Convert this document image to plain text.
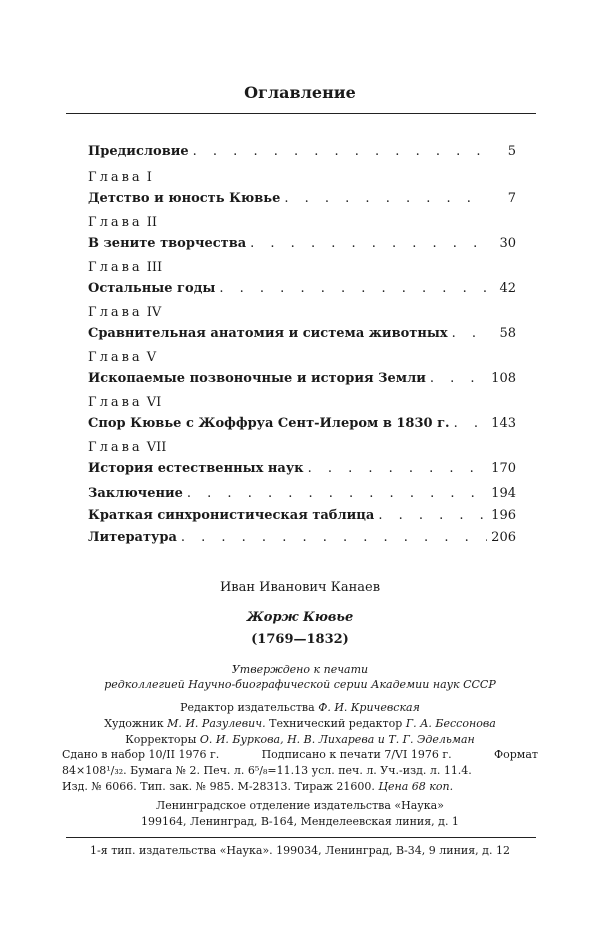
Оглавление
Предисловие . . .	5
Глава I
Детство и юность Кювье . . .	7
Глава II
В зените творчества . . .	30
Глава III
Остальные годы . . .	42
Глава IV
Сравнительная анатомия и система животных . . .	58
Глава V
Ископаемые позвоночные и история Земли . . .	108
Глава VI
Спор Кювье с Жоффруа Сент-Илером в 1830 г. . . .	143
Глава VII
История естественных наук . . .	170
Заключение . . .	194
Краткая синхронистическая таблица . . .	196
Литература . . .	206
Иван Иванович Канаев
Жорж Кювье
(1769—1832)
Утверждено к печати
редколлегией Научно-биографической серии Академии наук СССР
Редактор издательства Ф. И. Кричевская
Художник М. И. Разулевич. Технический редактор Г. А. Бессонова
Корректоры О. И. Буркова, Н. В. Лихарева и Т. Г. Эдельман
Сдано в набор 10/II 1976 г.	Подписано к печати 7/VI 1976 г.	Формат
84×108¹/₃₂. Бумага № 2. Печ. л. 6⁵/₈=11.13 усл. печ. л. Уч.-изд. л. 11.4.
Изд. № 6066. Тип. зак. № 985. М-28313. Тираж 21600. Цена 68 коп.
Ленинградское отделение издательства «Наука»
199164, Ленинград, В-164, Менделеевская линия, д. 1
1-я тип. издательства «Наука». 199034, Ленинград, В-34, 9 линия, д. 12
